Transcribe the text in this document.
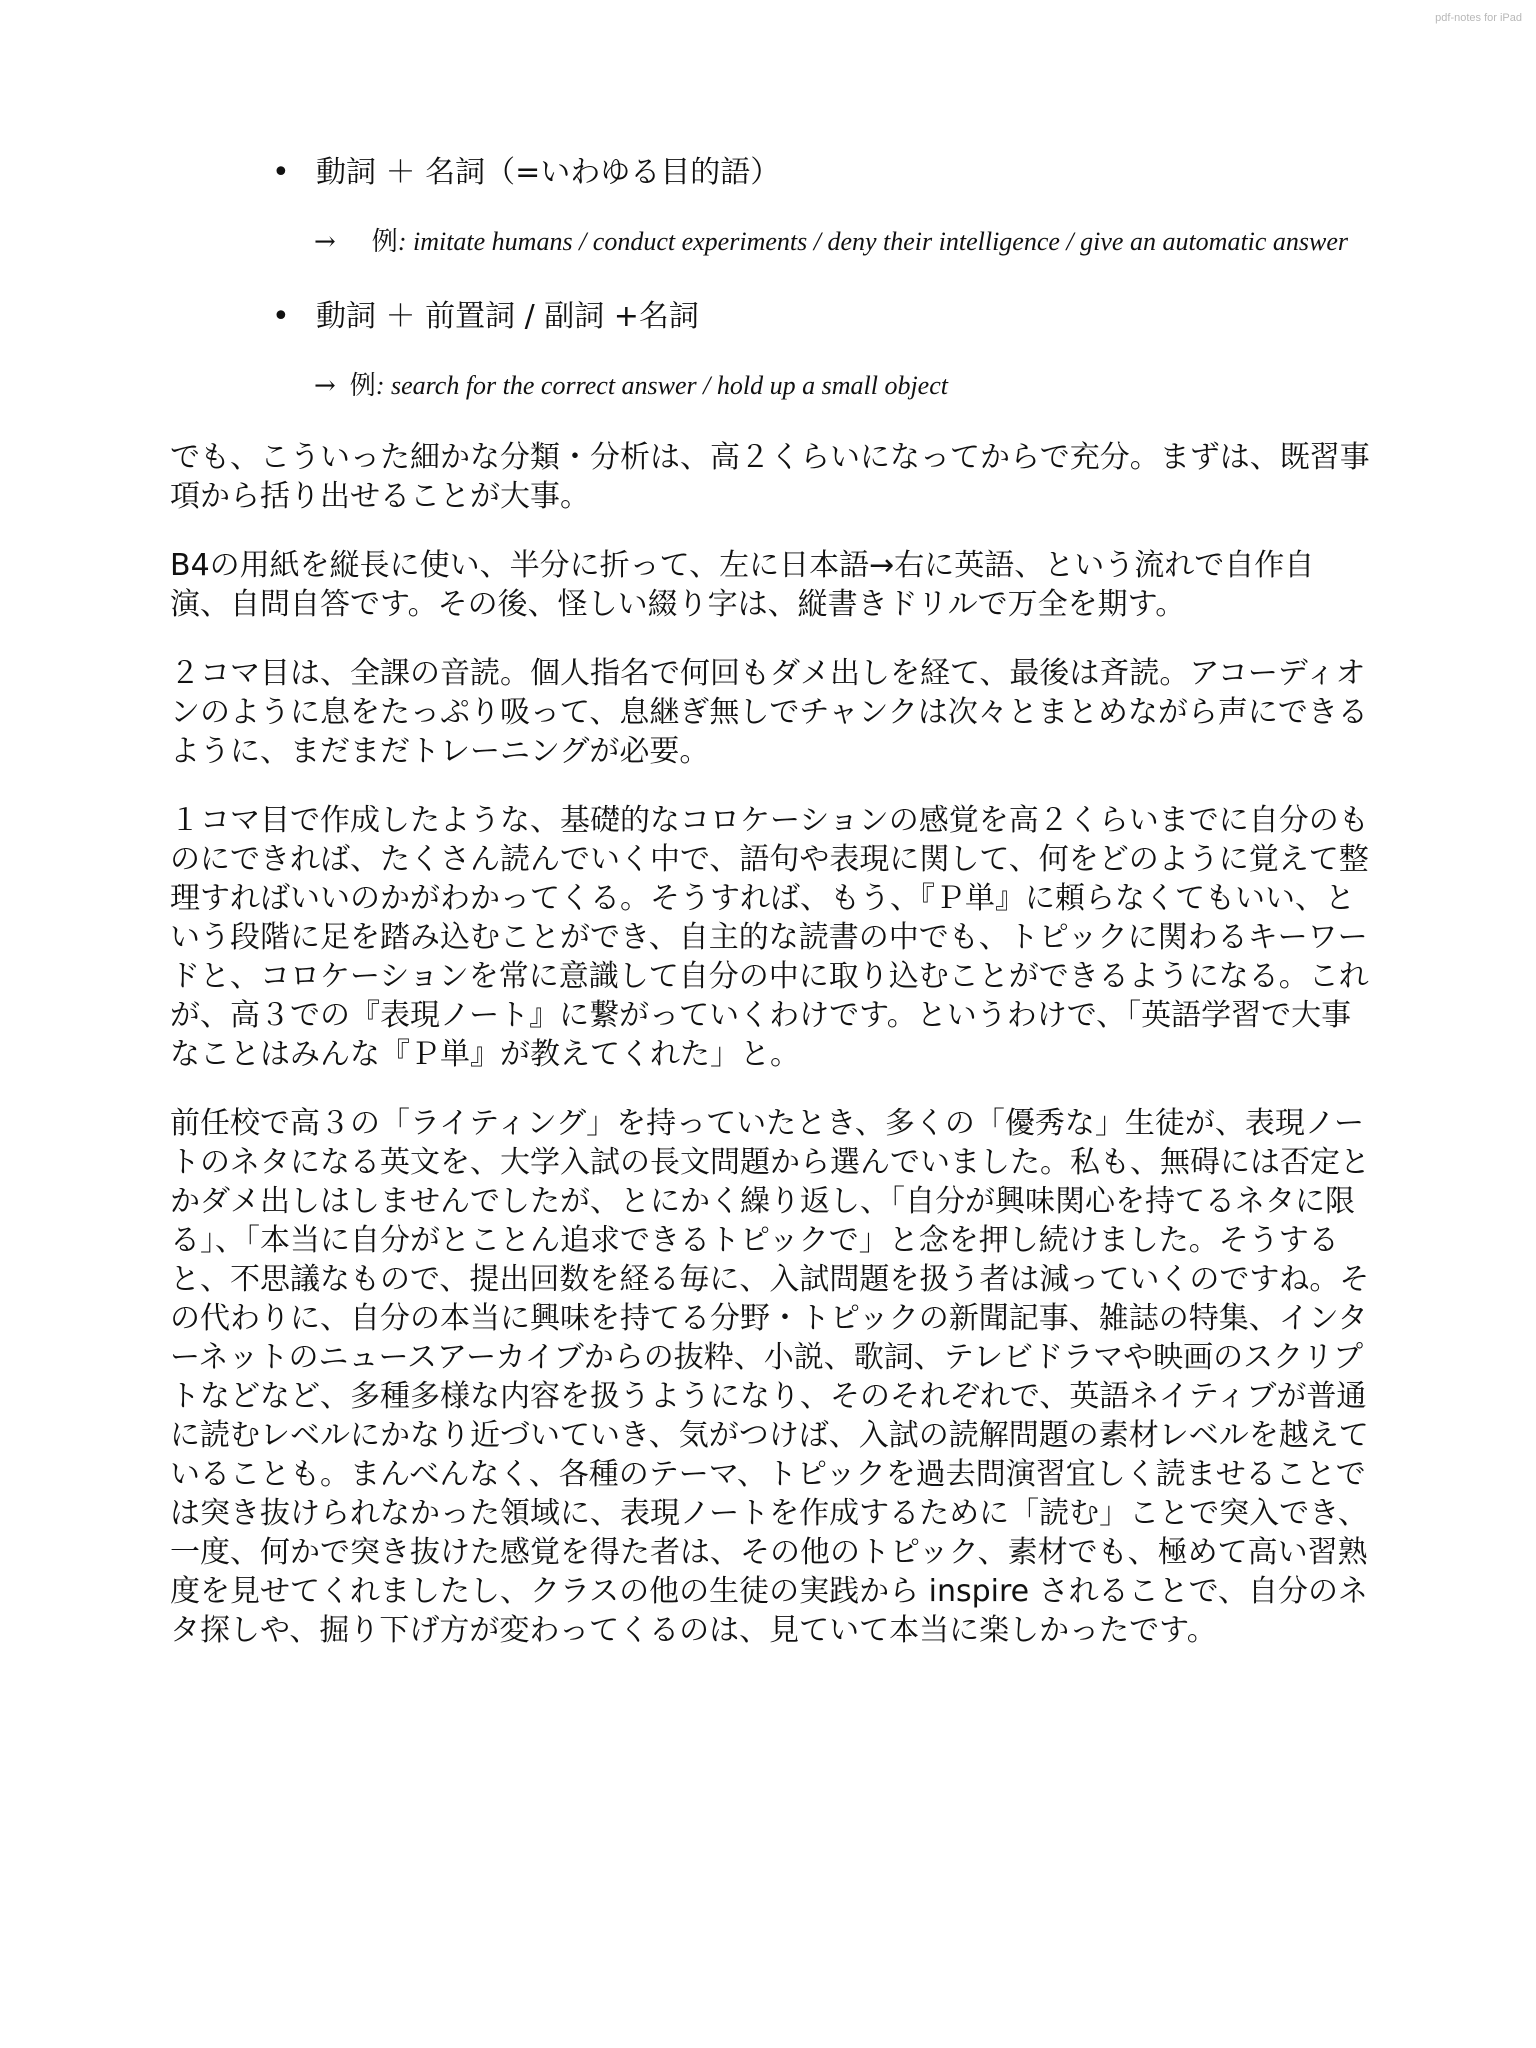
pdf-notes for iPad
• 動詞 ＋ 名詞（=いわゆる目的語）
→ 例: imitate humans / conduct experiments / deny their intelligence / give an automatic answer
• 動詞 ＋ 前置詞 / 副詞 +名詞
→ 例: search for the correct answer / hold up a small object

でも、こういった細かな分類・分析は、高２くらいになってからで充分。まずは、既習事項から括り出せることが大事。

B4の用紙を縦長に使い、半分に折って、左に日本語→右に英語、という流れで自作自演、自問自答です。その後、怪しい綴り字は、縦書きドリルで万全を期す。

２コマ目は、全課の音読。個人指名で何回もダメ出しを経て、最後は斉読。アコーディオンのように息をたっぷり吸って、息継ぎ無しでチャンクは次々とまとめながら声にできるように、まだまだトレーニングが必要。

１コマ目で作成したような、基礎的なコロケーションの感覚を高２くらいまでに自分のものにできれば、たくさん読んでいく中で、語句や表現に関して、何をどのように覚えて整理すればいいのかがわかってくる。そうすれば、もう、『Ｐ単』に頼らなくてもいい、という段階に足を踏み込むことができ、自主的な読書の中でも、トピックに関わるキーワードと、コロケーションを常に意識して自分の中に取り込むことができるようになる。これが、高３での『表現ノート』に繋がっていくわけです。というわけで、「英語学習で大事なことはみんな『Ｐ単』が教えてくれた」と。

前任校で高３の「ライティング」を持っていたとき、多くの「優秀な」生徒が、表現ノートのネタになる英文を、大学入試の長文問題から選んでいました。私も、無碍には否定とかダメ出しはしませんでしたが、とにかく繰り返し、「自分が興味関心を持てるネタに限る」、「本当に自分がとことん追求できるトピックで」と念を押し続けました。そうすると、不思議なもので、提出回数を経る毎に、入試問題を扱う者は減っていくのですね。その代わりに、自分の本当に興味を持てる分野・トピックの新聞記事、雑誌の特集、インターネットのニュースアーカイブからの抜粋、小説、歌詞、テレビドラマや映画のスクリプトなどなど、多種多様な内容を扱うようになり、そのそれぞれで、英語ネイティブが普通に読むレベルにかなり近づいていき、気がつけば、入試の読解問題の素材レベルを越えていることも。まんべんなく、各種のテーマ、トピックを過去問演習宜しく読ませることでは突き抜けられなかった領域に、表現ノートを作成するために「読む」ことで突入でき、一度、何かで突き抜けた感覚を得た者は、その他のトピック、素材でも、極めて高い習熟度を見せてくれましたし、クラスの他の生徒の実践から inspire されることで、自分のネタ探しや、掘り下げ方が変わってくるのは、見ていて本当に楽しかったです。
